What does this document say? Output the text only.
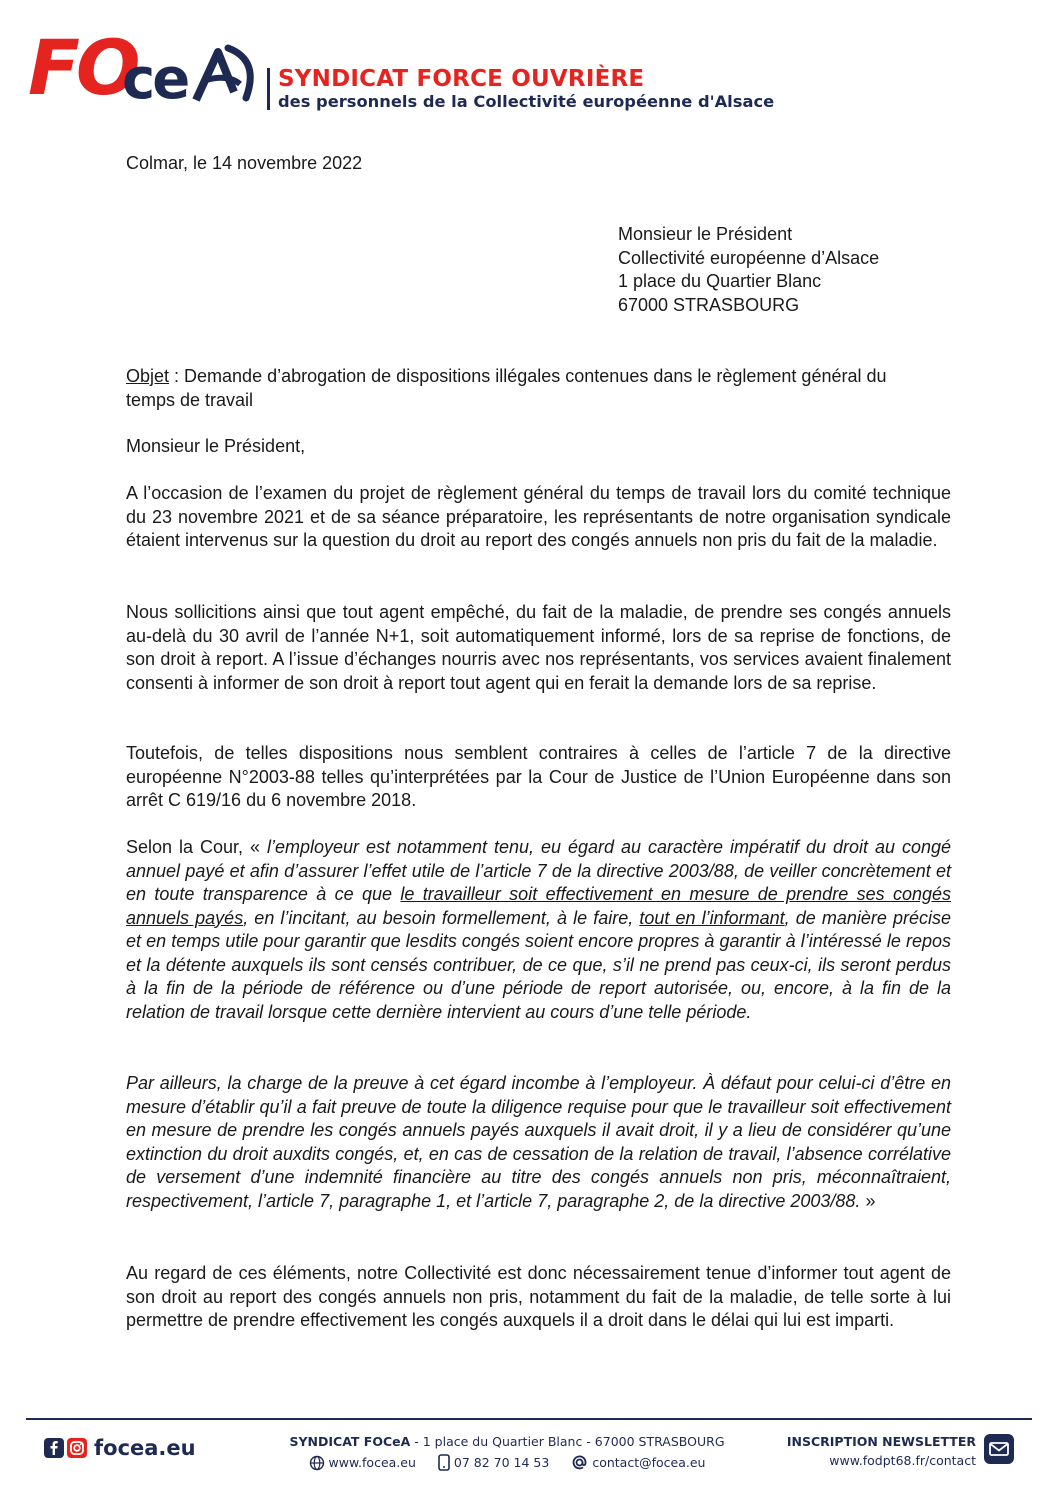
FO
ce	SYNDICAT FORCE OUVRIÈRE
des personnels de la Collectivité européenne d'Alsace
Colmar, le 14 novembre 2022
Monsieur le Président
Collectivité européenne d’Alsace
1 place du Quartier Blanc
67000 STRASBOURG
Objet : Demande d’abrogation de dispositions illégales contenues dans le règlement général du temps de travail
Monsieur le Président,
A l’occasion de l’examen du projet de règlement général du temps de travail lors du comité technique du 23 novembre 2021 et de sa séance préparatoire, les représentants de notre organisation syndicale étaient intervenus sur la question du droit au report des congés annuels non pris du fait de la maladie.
Nous sollicitions ainsi que tout agent empêché, du fait de la maladie, de prendre ses congés annuels au-delà du 30 avril de l’année N+1, soit automatiquement informé, lors de sa reprise de fonctions, de son droit à report. A l’issue d’échanges nourris avec nos représentants, vos services avaient finalement consenti à informer de son droit à report tout agent qui en ferait la demande lors de sa reprise.
Toutefois, de telles dispositions nous semblent contraires à celles de l’article 7 de la directive européenne N°2003-88 telles qu’interprétées par la Cour de Justice de l’Union Européenne dans son arrêt C 619/16 du 6 novembre 2018.
Selon la Cour, « l’employeur est notamment tenu, eu égard au caractère impératif du droit au congé annuel payé et afin d’assurer l’effet utile de l’article 7 de la directive 2003/88, de veiller concrètement et en toute transparence à ce que le travailleur soit effectivement en mesure de prendre ses congés annuels payés, en l’incitant, au besoin formellement, à le faire, tout en l’informant, de manière précise et en temps utile pour garantir que lesdits congés soient encore propres à garantir à l’intéressé le repos et la détente auxquels ils sont censés contribuer, de ce que, s’il ne prend pas ceux-ci, ils seront perdus à la fin de la période de référence ou d’une période de report autorisée, ou, encore, à la fin de la relation de travail lorsque cette dernière intervient au cours d’une telle période.
Par ailleurs, la charge de la preuve à cet égard incombe à l’employeur. À défaut pour celui-ci d’être en mesure d’établir qu’il a fait preuve de toute la diligence requise pour que le travailleur soit effectivement en mesure de prendre les congés annuels payés auxquels il avait droit, il y a lieu de considérer qu’une extinction du droit auxdits congés, et, en cas de cessation de la relation de travail, l’absence corrélative de versement d’une indemnité financière au titre des congés annuels non pris, méconnaîtraient, respectivement, l’article 7, paragraphe 1, et l’article 7, paragraphe 2, de la directive 2003/88. »
Au regard de ces éléments, notre Collectivité est donc nécessairement tenue d’informer tout agent de son droit au report des congés annuels non pris, notamment du fait de la maladie, de telle sorte à lui permettre de prendre effectivement les congés auxquels il a droit dans le délai qui lui est imparti.
focea.eu	SYNDICAT FOCeA - 1 place du Quartier Blanc - 67000 STRASBOURG
www.focea.eu	07 82 70 14 53	contact@focea.eu
INSCRIPTION NEWSLETTER
www.fodpt68.fr/contact
